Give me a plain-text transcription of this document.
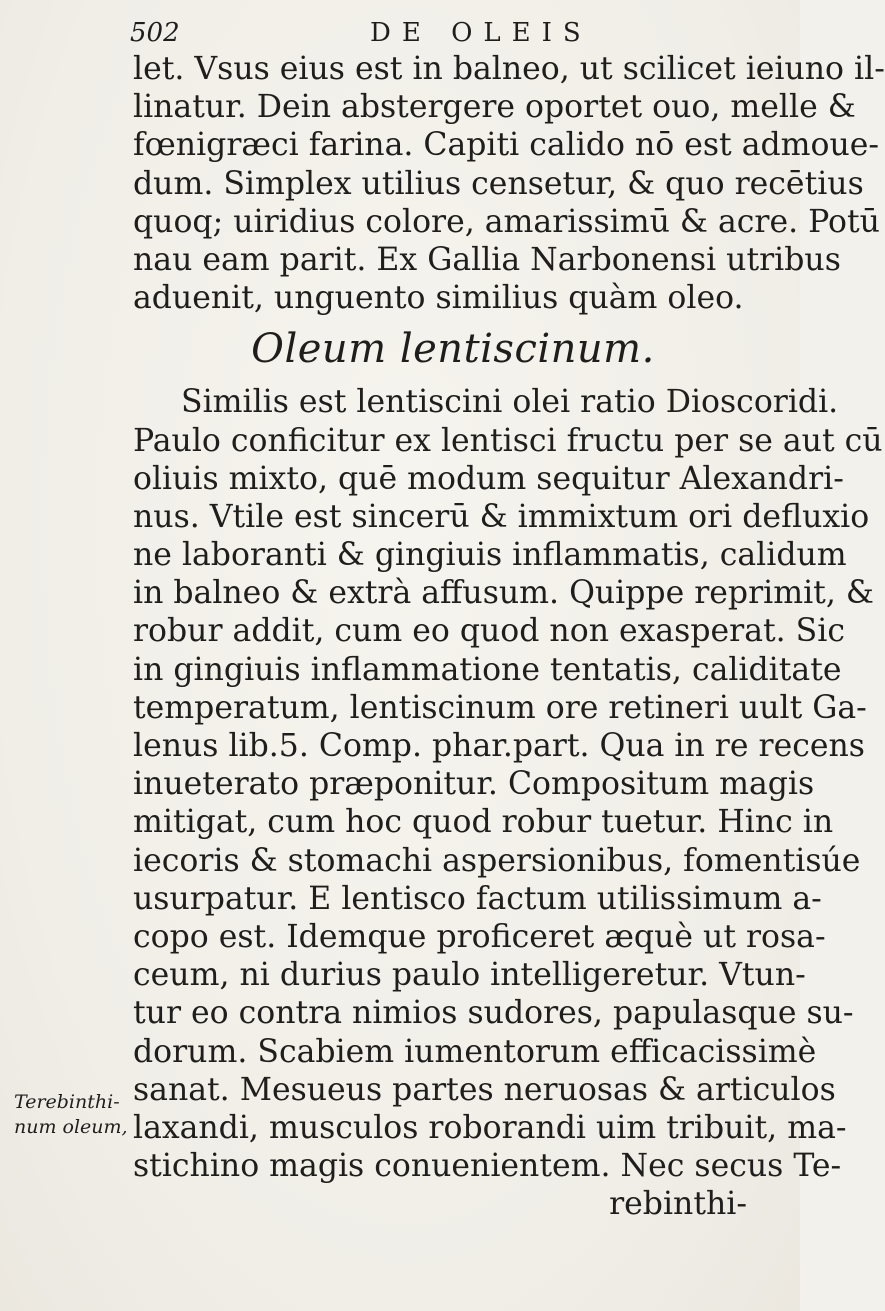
502	DE OLEIS
let. Vsus eius est in balneo, ut scilicet ieiuno il-
linatur. Dein abstergere oportet ouo, melle &
fœnigræci farina. Capiti calido nō est admoue-
dum. Simplex utilius censetur, & quo recētius
quoq; uiridius colore, amarissimū & acre. Potū
nau eam parit. Ex Gallia Narbonensi utribus
aduenit, unguento similius quàm oleo.
Oleum lentiscinum.
Similis est lentiscini olei ratio Dioscoridi.
Paulo conficitur ex lentisci fructu per se aut cū
oliuis mixto, quē modum sequitur Alexandri-
nus. Vtile est sincerū & immixtum ori defluxio
ne laboranti & gingiuis inflammatis, calidum
in balneo & extrà affusum. Quippe reprimit, &
robur addit, cum eo quod non exasperat. Sic
in gingiuis inflammatione tentatis, caliditate
temperatum, lentiscinum ore retineri uult Ga-
lenus lib.5. Comp. phar.part. Qua in re recens
inueterato præponitur. Compositum magis
mitigat, cum hoc quod robur tuetur. Hinc in
iecoris & stomachi aspersionibus, fomentisúe
usurpatur. E lentisco factum utilissimum a-
copo est. Idemque proficeret æquè ut rosa-
ceum, ni durius paulo intelligeretur. Vtun-
tur eo contra nimios sudores, papulasque su-
dorum. Scabiem iumentorum efficacissimè
sanat. Mesueus partes neruosas & articulos
laxandi, musculos roborandi uim tribuit, ma-
stichino magis conuenientem. Nec secus Te-
rebinthi-
Terebinthi-
num oleum,
